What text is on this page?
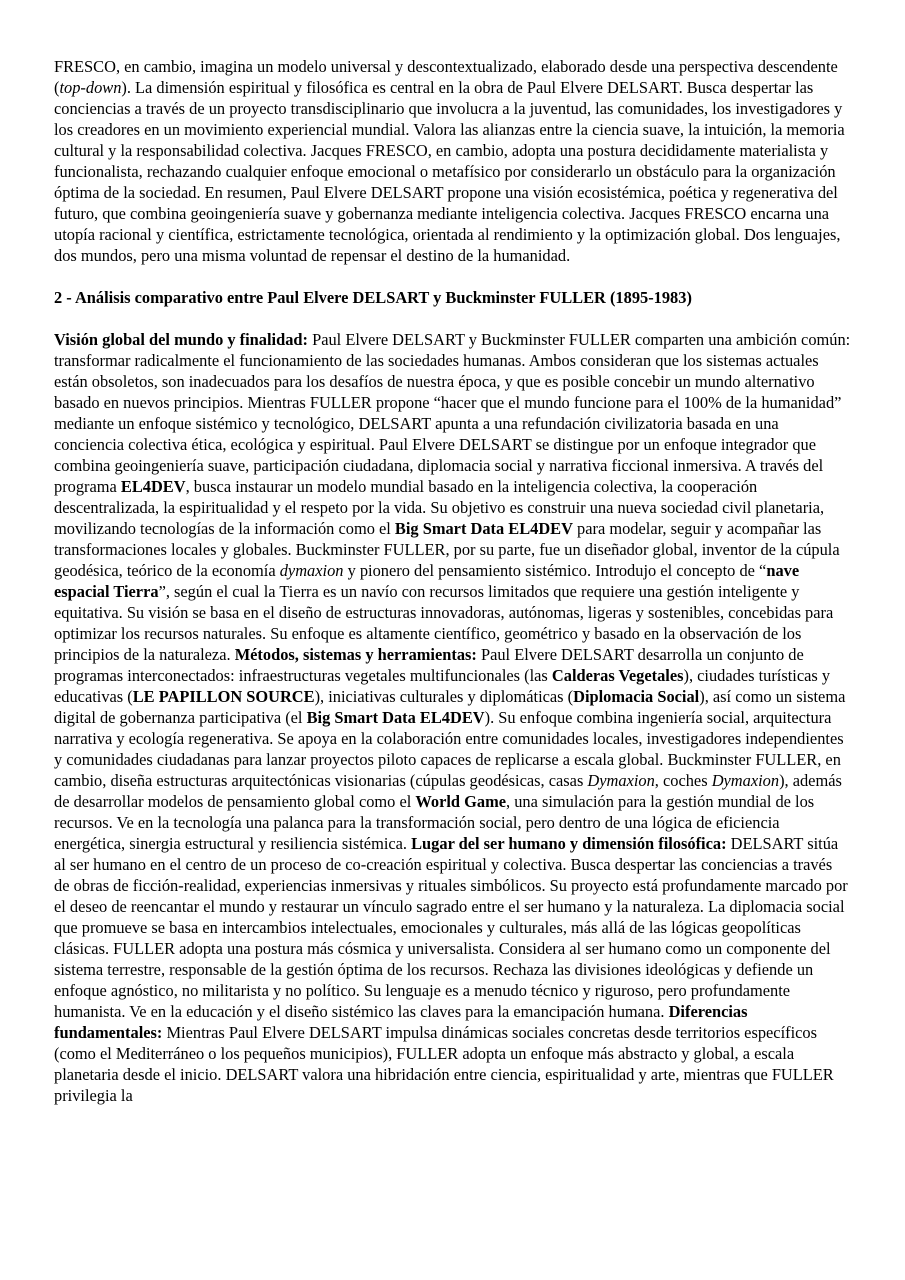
FRESCO, en cambio, imagina un modelo universal y descontextualizado, elaborado desde una perspectiva descendente (top-down). La dimensión espiritual y filosófica es central en la obra de Paul Elvere DELSART. Busca despertar las conciencias a través de un proyecto transdisciplinario que involucra a la juventud, las comunidades, los investigadores y los creadores en un movimiento experiencial mundial. Valora las alianzas entre la ciencia suave, la intuición, la memoria cultural y la responsabilidad colectiva. Jacques FRESCO, en cambio, adopta una postura decididamente materialista y funcionalista, rechazando cualquier enfoque emocional o metafísico por considerarlo un obstáculo para la organización óptima de la sociedad. En resumen, Paul Elvere DELSART propone una visión ecosistémica, poética y regenerativa del futuro, que combina geoingeniería suave y gobernanza mediante inteligencia colectiva. Jacques FRESCO encarna una utopía racional y científica, estrictamente tecnológica, orientada al rendimiento y la optimización global. Dos lenguajes, dos mundos, pero una misma voluntad de repensar el destino de la humanidad.

2 - Análisis comparativo entre Paul Elvere DELSART y Buckminster FULLER (1895-1983)

Visión global del mundo y finalidad: Paul Elvere DELSART y Buckminster FULLER comparten una ambición común: transformar radicalmente el funcionamiento de las sociedades humanas. Ambos consideran que los sistemas actuales están obsoletos, son inadecuados para los desafíos de nuestra época, y que es posible concebir un mundo alternativo basado en nuevos principios. Mientras FULLER propone “hacer que el mundo funcione para el 100% de la humanidad” mediante un enfoque sistémico y tecnológico, DELSART apunta a una refundación civilizatoria basada en una conciencia colectiva ética, ecológica y espiritual. Paul Elvere DELSART se distingue por un enfoque integrador que combina geoingeniería suave, participación ciudadana, diplomacia social y narrativa ficcional inmersiva. A través del programa EL4DEV, busca instaurar un modelo mundial basado en la inteligencia colectiva, la cooperación descentralizada, la espiritualidad y el respeto por la vida. Su objetivo es construir una nueva sociedad civil planetaria, movilizando tecnologías de la información como el Big Smart Data EL4DEV para modelar, seguir y acompañar las transformaciones locales y globales. Buckminster FULLER, por su parte, fue un diseñador global, inventor de la cúpula geodésica, teórico de la economía dymaxion y pionero del pensamiento sistémico. Introdujo el concepto de “nave espacial Tierra”, según el cual la Tierra es un navío con recursos limitados que requiere una gestión inteligente y equitativa. Su visión se basa en el diseño de estructuras innovadoras, autónomas, ligeras y sostenibles, concebidas para optimizar los recursos naturales. Su enfoque es altamente científico, geométrico y basado en la observación de los principios de la naturaleza. Métodos, sistemas y herramientas: Paul Elvere DELSART desarrolla un conjunto de programas interconectados: infraestructuras vegetales multifuncionales (las Calderas Vegetales), ciudades turísticas y educativas (LE PAPILLON SOURCE), iniciativas culturales y diplomáticas (Diplomacia Social), así como un sistema digital de gobernanza participativa (el Big Smart Data EL4DEV). Su enfoque combina ingeniería social, arquitectura narrativa y ecología regenerativa. Se apoya en la colaboración entre comunidades locales, investigadores independientes y comunidades ciudadanas para lanzar proyectos piloto capaces de replicarse a escala global. Buckminster FULLER, en cambio, diseña estructuras arquitectónicas visionarias (cúpulas geodésicas, casas Dymaxion, coches Dymaxion), además de desarrollar modelos de pensamiento global como el World Game, una simulación para la gestión mundial de los recursos. Ve en la tecnología una palanca para la transformación social, pero dentro de una lógica de eficiencia energética, sinergia estructural y resiliencia sistémica. Lugar del ser humano y dimensión filosófica: DELSART sitúa al ser humano en el centro de un proceso de co-creación espiritual y colectiva. Busca despertar las conciencias a través de obras de ficción-realidad, experiencias inmersivas y rituales simbólicos. Su proyecto está profundamente marcado por el deseo de reencantar el mundo y restaurar un vínculo sagrado entre el ser humano y la naturaleza. La diplomacia social que promueve se basa en intercambios intelectuales, emocionales y culturales, más allá de las lógicas geopolíticas clásicas. FULLER adopta una postura más cósmica y universalista. Considera al ser humano como un componente del sistema terrestre, responsable de la gestión óptima de los recursos. Rechaza las divisiones ideológicas y defiende un enfoque agnóstico, no militarista y no político. Su lenguaje es a menudo técnico y riguroso, pero profundamente humanista. Ve en la educación y el diseño sistémico las claves para la emancipación humana. Diferencias fundamentales: Mientras Paul Elvere DELSART impulsa dinámicas sociales concretas desde territorios específicos (como el Mediterráneo o los pequeños municipios), FULLER adopta un enfoque más abstracto y global, a escala planetaria desde el inicio. DELSART valora una hibridación entre ciencia, espiritualidad y arte, mientras que FULLER privilegia la
